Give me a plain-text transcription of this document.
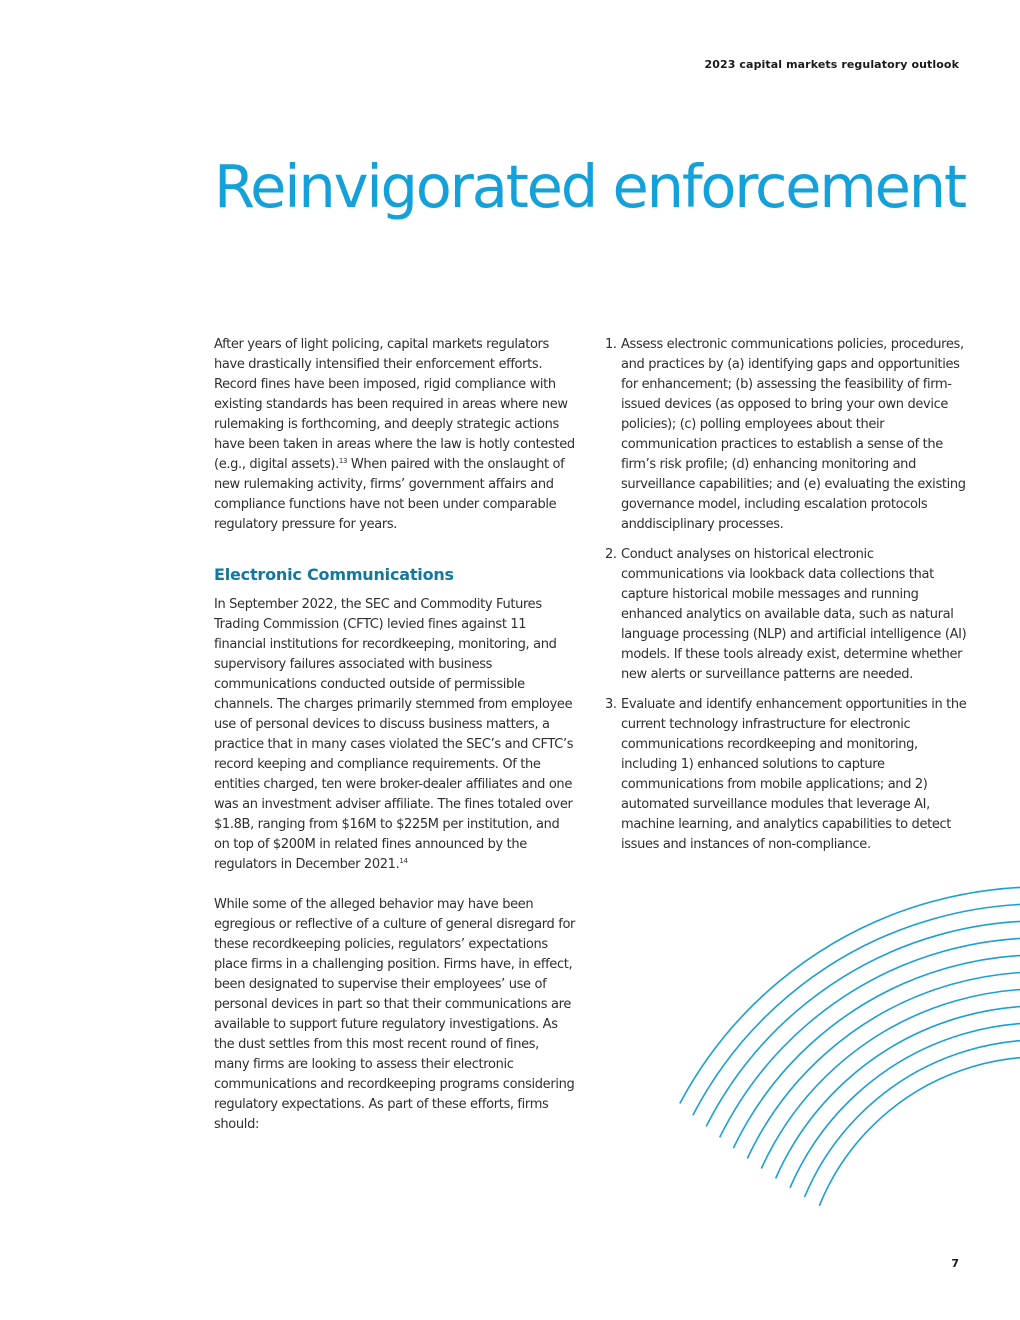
2023 capital markets regulatory outlook
Reinvigorated enforcement

After years of light policing, capital markets regulators have drastically intensified their enforcement efforts. Record fines have been imposed, rigid compliance with existing standards has been required in areas where new rulemaking is forthcoming, and deeply strategic actions have been taken in areas where the law is hotly contested (e.g., digital assets).$^{13}$ When paired with the onslaught of new rulemaking activity, firms’ government affairs and compliance functions have not been under comparable regulatory pressure for years.

Electronic Communications

In September 2022, the SEC and Commodity Futures Trading Commission (CFTC) levied fines against 11 financial institutions for recordkeeping, monitoring, and supervisory failures associated with business communications conducted outside of permissible channels. The charges primarily stemmed from employee use of personal devices to discuss business matters, a practice that in many cases violated the SEC’s and CFTC’s record keeping and compliance requirements. Of the entities charged, ten were broker-dealer affiliates and one was an investment adviser affiliate. The fines totaled over $1.8B, ranging from $16M to $225M per institution, and on top of $200M in related fines announced by the regulators in December 2021.14

While some of the alleged behavior may have been egregious or reflective of a culture of general disregard for these recordkeeping policies, regulators’ expectations place firms in a challenging position. Firms have, in effect, been designated to supervise their employees’ use of personal devices in part so that their communications are available to support future regulatory investigations. As the dust settles from this most recent round of fines, many firms are looking to assess their electronic communications and recordkeeping programs considering regulatory expectations. As part of these efforts, firms should:

1. Assess electronic communications policies, procedures, and practices by (a) identifying gaps and opportunities for enhancement; (b) assessing the feasibility of firm-issued devices (as opposed to bring your own device policies); (c) polling employees about their communication practices to establish a sense of the firm’s risk profile; (d) enhancing monitoring and surveillance capabilities; and (e) evaluating the existing governance model, including escalation protocols anddisciplinary processes.
2. Conduct analyses on historical electronic communications via lookback data collections that capture historical mobile messages and running enhanced analytics on available data, such as natural language processing (NLP) and artificial intelligence (AI) models. If these tools already exist, determine whether new alerts or surveillance patterns are needed.
3. Evaluate and identify enhancement opportunities in the current technology infrastructure for electronic communications recordkeeping and monitoring, including 1) enhanced solutions to capture communications from mobile applications; and 2) automated surveillance modules that leverage AI, machine learning, and analytics capabilities to detect issues and instances of non-compliance.
7
